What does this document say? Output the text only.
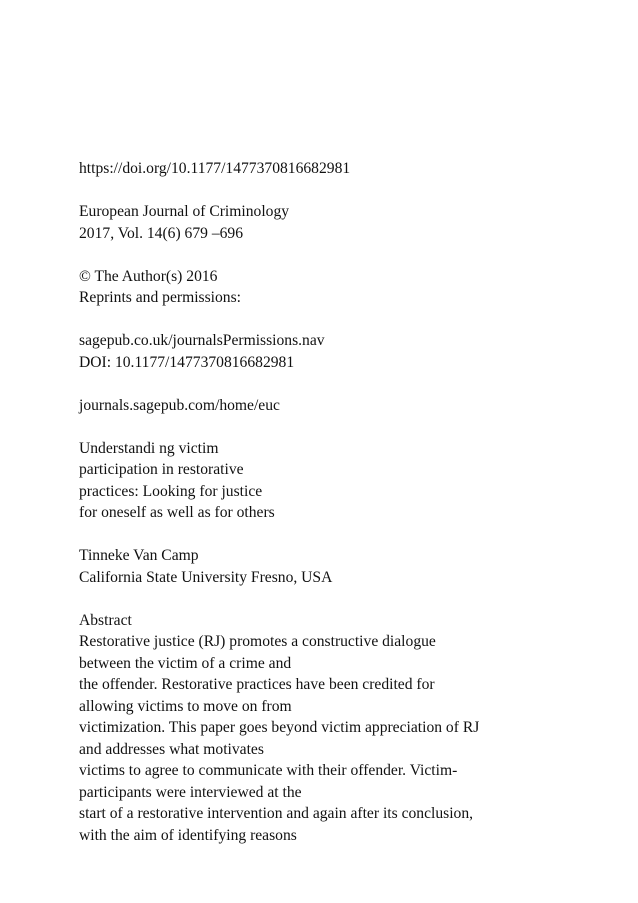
https://doi.org/10.1177/1477370816682981
European Journal of Criminology
2017, Vol. 14(6) 679 –696
© The Author(s) 2016
Reprints and permissions:
sagepub.co.uk/journalsPermissions.nav
DOI: 10.1177/1477370816682981
journals.sagepub.com/home/euc
Understandi ng victim
participation in restorative
practices: Looking for justice
for oneself as well as for others
Tinneke Van Camp
California State University Fresno, USA
Abstract
Restorative justice (RJ) promotes a constructive dialogue
between the victim of a crime and
the offender. Restorative practices have been credited for
allowing victims to move on from
victimization. This paper goes beyond victim appreciation of RJ
and addresses what motivates
victims to agree to communicate with their offender. Victim-
participants were interviewed at the
start of a restorative intervention and again after its conclusion,
with the aim of identifying reasons
